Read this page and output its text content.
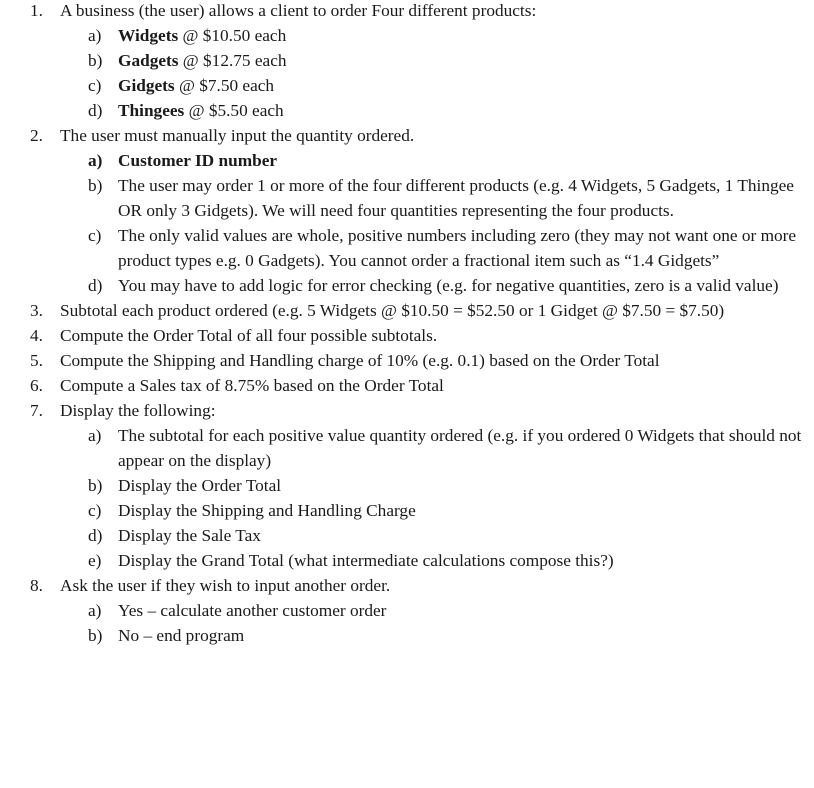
1. A business (the user) allows a client to order Four different products:
a) Widgets @ $10.50 each
b) Gadgets @ $12.75 each
c) Gidgets @ $7.50 each
d) Thingees @ $5.50 each
2. The user must manually input the quantity ordered.
a) Customer ID number
b) The user may order 1 or more of the four different products (e.g. 4 Widgets, 5 Gadgets, 1 Thingee OR only 3 Gidgets). We will need four quantities representing the four products.
c) The only valid values are whole, positive numbers including zero (they may not want one or more product types e.g. 0 Gadgets). You cannot order a fractional item such as “1.4 Gidgets”
d) You may have to add logic for error checking (e.g. for negative quantities, zero is a valid value)
3. Subtotal each product ordered (e.g. 5 Widgets @ $10.50 = $52.50 or 1 Gidget @ $7.50 = $7.50)
4. Compute the Order Total of all four possible subtotals.
5. Compute the Shipping and Handling charge of 10% (e.g. 0.1) based on the Order Total
6. Compute a Sales tax of 8.75% based on the Order Total
7. Display the following:
a) The subtotal for each positive value quantity ordered (e.g. if you ordered 0 Widgets that should not appear on the display)
b) Display the Order Total
c) Display the Shipping and Handling Charge
d) Display the Sale Tax
e) Display the Grand Total (what intermediate calculations compose this?)
8. Ask the user if they wish to input another order.
a) Yes – calculate another customer order
b) No – end program
